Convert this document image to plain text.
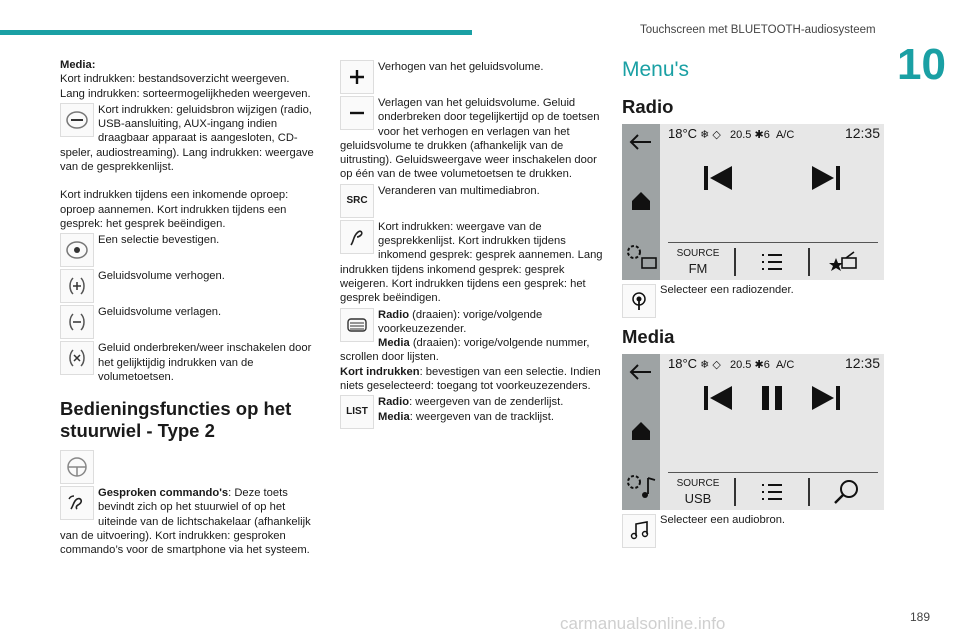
Touchscreen met BLUETOOTH-audiosysteem
10

Media:

Kort indrukken: bestandsoverzicht weergeven.

Lang indrukken: sorteermogelijkheden weergeven.

Kort indrukken: geluidsbron wijzigen (radio, USB-aansluiting, AUX-ingang indien draagbaar apparaat is aangesloten, CD-speler, audiostreaming). Lang indrukken: weergave van de gesprekkenlijst.

Kort indrukken tijdens een inkomende oproep: oproep aannemen. Kort indrukken tijdens een gesprek: het gesprek beëindigen.

Een selectie bevestigen.
Geluidsvolume verhogen.
Geluidsvolume verlagen.
Geluid onderbreken/weer inschakelen door het gelijktijdig indrukken van de volumetoetsen.
Bedieningsfuncties op het stuurwiel - Type 2
Gesproken commando's: Deze toets bevindt zich op het stuurwiel of op het uiteinde van de lichtschakelaar (afhankelijk van de uitvoering). Kort indrukken: gesproken commando’s voor de smartphone via het systeem.
Verhogen van het geluidsvolume.
Verlagen van het geluidsvolume. Geluid onderbreken door tegelijkertijd op de toetsen voor het verhogen en verlagen van het geluidsvolume te drukken (afhankelijk van de uitrusting). Geluidsweergave weer inschakelen door op één van de twee volumetoetsen te drukken.
SRC
Veranderen van multimediabron.
Kort indrukken: weergave van de gesprekkenlijst. Kort indrukken tijdens inkomend gesprek: gesprek aannemen. Lang indrukken tijdens inkomend gesprek: gesprek weigeren. Kort indrukken tijdens een gesprek: het gesprek beëindigen.
Radio (draaien): vorige/volgende voorkeuzezender.
Media (draaien): vorige/volgende nummer, scrollen door lijsten.
Kort indrukken: bevestigen van een selectie. Indien niets geselecteerd: toegang tot voorkeuzezenders.
LIST
Radio: weergeven van de zenderlijst.
Media: weergeven van de tracklijst.
Menu's
Radio
18°C ❄ ◇   20.5 ✱6 A/C	12:35
SOURCE
FM
Selecteer een radiozender.
Media
18°C ❄ ◇   20.5 ✱6 A/C	12:35
SOURCE
USB
Selecteer een audiobron.
carmanualsonline.info	189
